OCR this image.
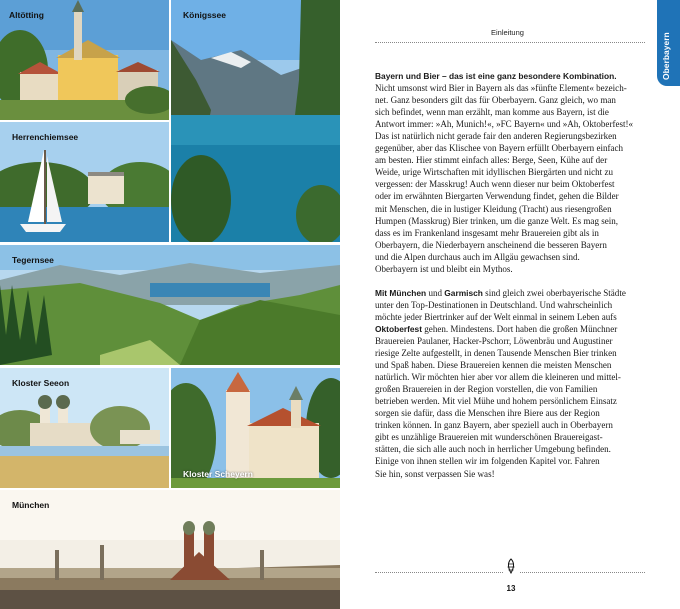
Altötting	Königssee
Herrenchiemsee
Tegernsee
Kloster Seeon
Kloster Scheyern
München
Oberbayern
Einleitung

Bayern und Bier – das ist eine ganz besondere Kombination.
Nicht umsonst wird Bier in Bayern als das »fünfte Element« bezeich-
net. Ganz besonders gilt das für Oberbayern. Ganz gleich, wo man
sich befindet, wenn man erzählt, man komme aus Bayern, ist die
Antwort immer: »Ah, Munich!«, »FC Bayern« und »Ah, Oktoberfest!«
Das ist natürlich nicht gerade fair den anderen Regierungsbezirken
gegenüber, aber das Klischee von Bayern erfüllt Oberbayern einfach
am besten. Hier stimmt einfach alles: Berge, Seen, Kühe auf der
Weide, urige Wirtschaften mit idyllischen Biergärten und nicht zu
vergessen: der Masskrug! Auch wenn dieser nur beim Oktoberfest
oder im erwähnten Biergarten Verwendung findet, gehen die Bilder
mit Menschen, die in lustiger Kleidung (Tracht) aus riesengroßen
Humpen (Masskrug) Bier trinken, um die ganze Welt. Es mag sein,
dass es im Frankenland insgesamt mehr Brauereien gibt als in
Oberbayern, die Niederbayern anscheinend die besseren Bayern
und die Alpen durchaus auch im Allgäu gewachsen sind.
Oberbayern ist und bleibt ein Mythos.

Mit München und Garmisch sind gleich zwei oberbayerische Städte
unter den Top-Destinationen in Deutschland. Und wahrscheinlich
möchte jeder Biertrinker auf der Welt einmal in seinem Leben aufs
Oktoberfest gehen. Mindestens. Dort haben die großen Münchner
Brauereien Paulaner, Hacker-Pschorr, Löwenbräu und Augustiner
riesige Zelte aufgestellt, in denen Tausende Menschen Bier trinken
und Spaß haben. Diese Brauereien kennen die meisten Menschen
natürlich. Wir möchten hier aber vor allem die kleineren und mittel-
großen Brauereien in der Region vorstellen, die von Familien
betrieben werden. Mit viel Mühe und hohem persönlichem Einsatz
sorgen sie dafür, dass die Menschen ihre Biere aus der Region
trinken können. In ganz Bayern, aber speziell auch in Oberbayern
gibt es unzählige Brauereien mit wunderschönen Brauereigast-
stätten, die sich alle auch noch in herrlicher Umgebung befinden.
Einige von ihnen stellen wir im folgenden Kapitel vor. Fahren
Sie hin, sonst verpassen Sie was!

13
